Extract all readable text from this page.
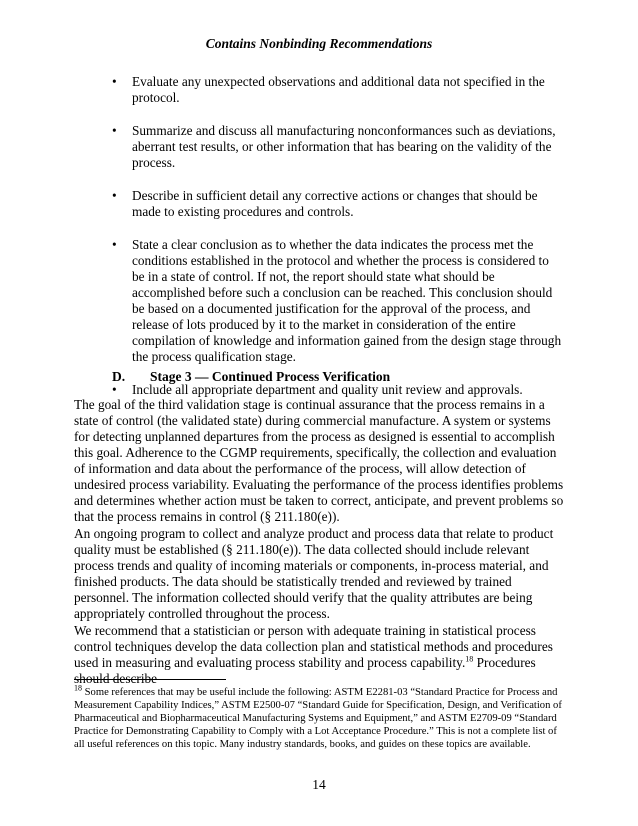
Contains Nonbinding Recommendations
• Evaluate any unexpected observations and additional data not specified in the protocol.
• Summarize and discuss all manufacturing nonconformances such as deviations, aberrant test results, or other information that has bearing on the validity of the process.
• Describe in sufficient detail any corrective actions or changes that should be made to existing procedures and controls.
• State a clear conclusion as to whether the data indicates the process met the conditions established in the protocol and whether the process is considered to be in a state of control. If not, the report should state what should be accomplished before such a conclusion can be reached. This conclusion should be based on a documented justification for the approval of the process, and release of lots produced by it to the market in consideration of the entire compilation of knowledge and information gained from the design stage through the process qualification stage.
• Include all appropriate department and quality unit review and approvals.
D. Stage 3 ― Continued Process Verification
The goal of the third validation stage is continual assurance that the process remains in a state of control (the validated state) during commercial manufacture. A system or systems for detecting unplanned departures from the process as designed is essential to accomplish this goal. Adherence to the CGMP requirements, specifically, the collection and evaluation of information and data about the performance of the process, will allow detection of undesired process variability. Evaluating the performance of the process identifies problems and determines whether action must be taken to correct, anticipate, and prevent problems so that the process remains in control (§ 211.180(e)).
An ongoing program to collect and analyze product and process data that relate to product quality must be established (§ 211.180(e)). The data collected should include relevant process trends and quality of incoming materials or components, in-process material, and finished products. The data should be statistically trended and reviewed by trained personnel. The information collected should verify that the quality attributes are being appropriately controlled throughout the process.
We recommend that a statistician or person with adequate training in statistical process control techniques develop the data collection plan and statistical methods and procedures used in measuring and evaluating process stability and process capability.$^{18}$ Procedures should describe
$^{18}$ Some references that may be useful include the following: ASTM E2281-03 “Standard Practice for Process and Measurement Capability Indices,” ASTM E2500-07 “Standard Guide for Specification, Design, and Verification of Pharmaceutical and Biopharmaceutical Manufacturing Systems and Equipment,” and ASTM E2709-09 “Standard Practice for Demonstrating Capability to Comply with a Lot Acceptance Procedure.” This is not a complete list of all useful references on this topic. Many industry standards, books, and guides on these topics are available.
14
